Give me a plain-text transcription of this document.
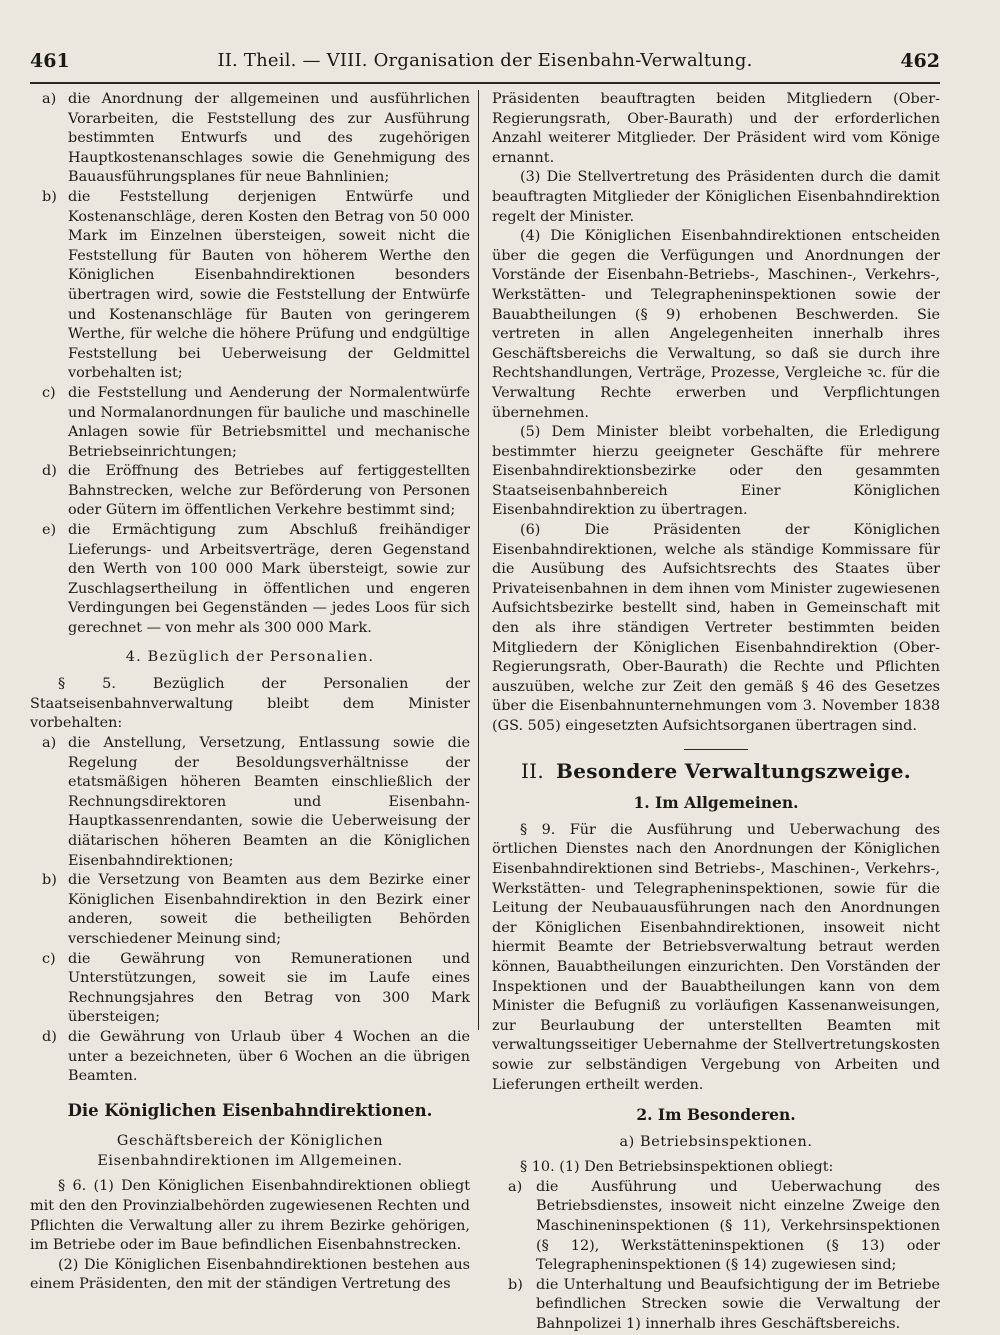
461	II. Theil. — VIII. Organisation der Eisenbahn-Verwaltung.	462
a) die Anordnung der allgemeinen und ausführlichen Vorarbeiten, die Feststellung des zur Ausführung bestimmten Entwurfs und des zugehörigen Hauptkostenanschlages sowie die Genehmigung des Bauausführungsplanes für neue Bahnlinien;
b) die Feststellung derjenigen Entwürfe und Kostenanschläge, deren Kosten den Betrag von 50 000 Mark im Einzelnen übersteigen, soweit nicht die Feststellung für Bauten von höherem Werthe den Königlichen Eisenbahndirektionen besonders übertragen wird, sowie die Feststellung der Entwürfe und Kostenanschläge für Bauten von geringerem Werthe, für welche die höhere Prüfung und endgültige Feststellung bei Ueberweisung der Geldmittel vorbehalten ist;
c) die Feststellung und Aenderung der Normalentwürfe und Normalanordnungen für bauliche und maschinelle Anlagen sowie für Betriebsmittel und mechanische Betriebseinrichtungen;
d) die Eröffnung des Betriebes auf fertiggestellten Bahnstrecken, welche zur Beförderung von Personen oder Gütern im öffentlichen Verkehre bestimmt sind;
e) die Ermächtigung zum Abschluß freihändiger Lieferungs- und Arbeitsverträge, deren Gegenstand den Werth von 100 000 Mark übersteigt, sowie zur Zuschlagsertheilung in öffentlichen und engeren Verdingungen bei Gegenständen — jedes Loos für sich gerechnet — von mehr als 300 000 Mark.
4. Bezüglich der Personalien.

§ 5. Bezüglich der Personalien der Staatseisenbahnverwaltung bleibt dem Minister vorbehalten:

a) die Anstellung, Versetzung, Entlassung sowie die Regelung der Besoldungsverhältnisse der etatsmäßigen höheren Beamten einschließlich der Rechnungsdirektoren und Eisenbahn-Hauptkassenrendanten, sowie die Ueberweisung der diätarischen höheren Beamten an die Königlichen Eisenbahndirektionen;
b) die Versetzung von Beamten aus dem Bezirke einer Königlichen Eisenbahndirektion in den Bezirk einer anderen, soweit die betheiligten Behörden verschiedener Meinung sind;
c) die Gewährung von Remunerationen und Unterstützungen, soweit sie im Laufe eines Rechnungsjahres den Betrag von 300 Mark übersteigen;
d) die Gewährung von Urlaub über 4 Wochen an die unter a bezeichneten, über 6 Wochen an die übrigen Beamten.
Die Königlichen Eisenbahndirektionen.
Geschäftsbereich der Königlichen Eisenbahndirektionen im Allgemeinen.

§ 6. (1) Den Königlichen Eisenbahndirektionen obliegt mit den den Provinzialbehörden zugewiesenen Rechten und Pflichten die Verwaltung aller zu ihrem Bezirke gehörigen, im Betriebe oder im Baue befindlichen Eisenbahnstrecken.

(2) Die Königlichen Eisenbahndirektionen bestehen aus einem Präsidenten, den mit der ständigen Vertretung des

Präsidenten beauftragten beiden Mitgliedern (Ober-Regierungsrath, Ober-Baurath) und der erforderlichen Anzahl weiterer Mitglieder. Der Präsident wird vom Könige ernannt.

(3) Die Stellvertretung des Präsidenten durch die damit beauftragten Mitglieder der Königlichen Eisenbahndirektion regelt der Minister.

(4) Die Königlichen Eisenbahndirektionen entscheiden über die gegen die Verfügungen und Anordnungen der Vorstände der Eisenbahn-Betriebs-, Maschinen-, Verkehrs-, Werkstätten- und Telegrapheninspektionen sowie der Bauabtheilungen (§ 9) erhobenen Beschwerden. Sie vertreten in allen Angelegenheiten innerhalb ihres Geschäftsbereichs die Verwaltung, so daß sie durch ihre Rechtshandlungen, Verträge, Prozesse, Vergleiche ꝛc. für die Verwaltung Rechte erwerben und Verpflichtungen übernehmen.

(5) Dem Minister bleibt vorbehalten, die Erledigung bestimmter hierzu geeigneter Geschäfte für mehrere Eisenbahndirektionsbezirke oder den gesammten Staatseisenbahnbereich Einer Königlichen Eisenbahndirektion zu übertragen.

(6) Die Präsidenten der Königlichen Eisenbahndirektionen, welche als ständige Kommissare für die Ausübung des Aufsichtsrechts des Staates über Privateisenbahnen in dem ihnen vom Minister zugewiesenen Aufsichtsbezirke bestellt sind, haben in Gemeinschaft mit den als ihre ständigen Vertreter bestimmten beiden Mitgliedern der Königlichen Eisenbahndirektion (Ober-Regierungsrath, Ober-Baurath) die Rechte und Pflichten auszuüben, welche zur Zeit den gemäß § 46 des Gesetzes über die Eisenbahnunternehmungen vom 3. November 1838 (GS. 505) eingesetzten Aufsichtsorganen übertragen sind.

II. Besondere Verwaltungszweige.
1. Im Allgemeinen.

§ 9. Für die Ausführung und Ueberwachung des örtlichen Dienstes nach den Anordnungen der Königlichen Eisenbahndirektionen sind Betriebs-, Maschinen-, Verkehrs-, Werkstätten- und Telegrapheninspektionen, sowie für die Leitung der Neubauausführungen nach den Anordnungen der Königlichen Eisenbahndirektionen, insoweit nicht hiermit Beamte der Betriebsverwaltung betraut werden können, Bauabtheilungen einzurichten. Den Vorständen der Inspektionen und der Bauabtheilungen kann von dem Minister die Befugniß zu vorläufigen Kassenanweisungen, zur Beurlaubung der unterstellten Beamten mit verwaltungsseitiger Uebernahme der Stellvertretungskosten sowie zur selbständigen Vergebung von Arbeiten und Lieferungen ertheilt werden.

2. Im Besonderen.
a) Betriebsinspektionen.

§ 10. (1) Den Betriebsinspektionen obliegt:

a) die Ausführung und Ueberwachung des Betriebsdienstes, insoweit nicht einzelne Zweige den Maschineninspektionen (§ 11), Verkehrsinspektionen (§ 12), Werkstätteninspektionen (§ 13) oder Telegrapheninspektionen (§ 14) zugewiesen sind;
b) die Unterhaltung und Beaufsichtigung der im Betriebe befindlichen Strecken sowie die Verwaltung der Bahnpolizei 1) innerhalb ihres Geschäftsbereichs.
